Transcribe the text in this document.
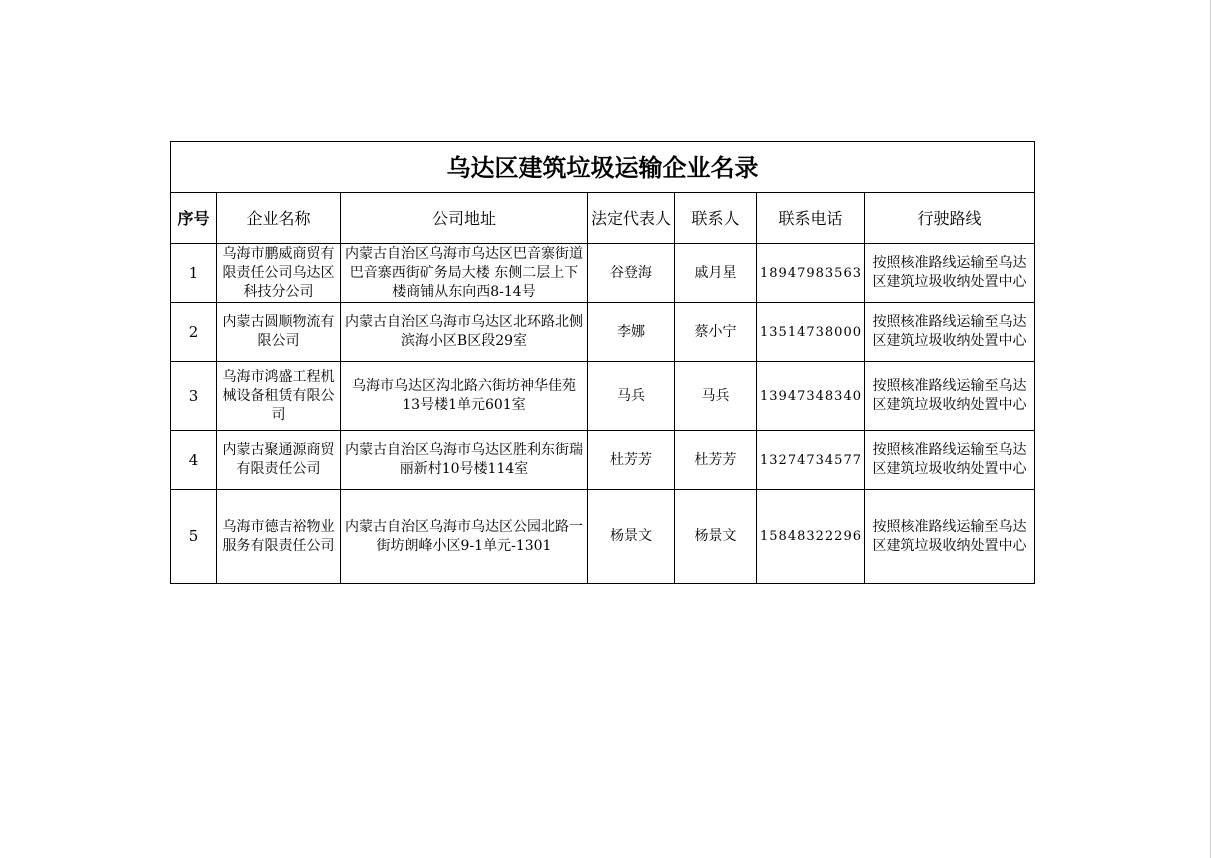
乌达区建筑垃圾运输企业名录						
序号	企业名称	公司地址	法定代表人	联系人	联系电话	行驶路线
1	乌海市鹏威商贸有限责任公司乌达区科技分公司	内蒙古自治区乌海市乌达区巴音寨街道巴音寨西街矿务局大楼 东侧二层上下楼商铺从东向西8-14号	谷登海	戚月星	18947983563	按照核准路线运输至乌达区建筑垃圾收纳处置中心
2	内蒙古圆顺物流有限公司	内蒙古自治区乌海市乌达区北环路北侧滨海小区B区段29室	李娜	蔡小宁	13514738000	按照核准路线运输至乌达区建筑垃圾收纳处置中心
3	乌海市鸿盛工程机械设备租赁有限公司	乌海市乌达区沟北路六街坊神华佳苑13号楼1单元601室	马兵	马兵	13947348340	按照核准路线运输至乌达区建筑垃圾收纳处置中心
4	内蒙古聚通源商贸有限责任公司	内蒙古自治区乌海市乌达区胜利东街瑞丽新村10号楼114室	杜芳芳	杜芳芳	13274734577	按照核准路线运输至乌达区建筑垃圾收纳处置中心
5	乌海市德吉裕物业服务有限责任公司	内蒙古自治区乌海市乌达区公园北路一街坊朗峰小区9-1单元-1301	杨景文	杨景文	15848322296	按照核准路线运输至乌达区建筑垃圾收纳处置中心
